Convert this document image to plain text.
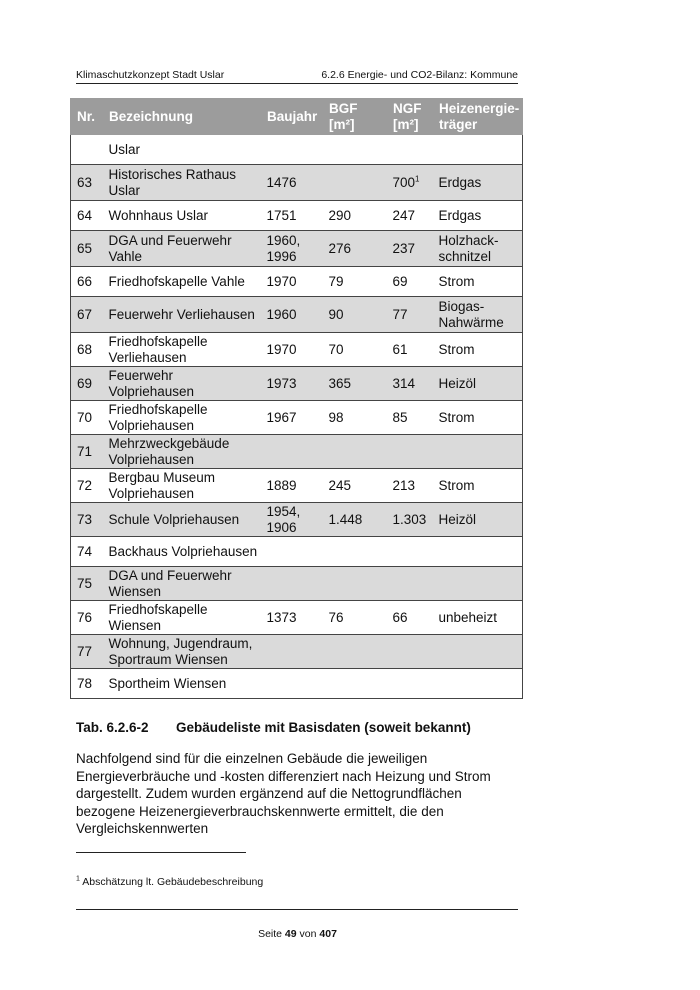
Klimaschutzkonzept Stadt Uslar	6.2.6 Energie- und CO2-Bilanz: Kommune
Nr.	Bezeichnung	Baujahr	BGF [m²]	NGF [m²]	Heizenergie-träger
	Uslar				
63	Historisches Rathaus Uslar	1476		$700^1$	Erdgas
64	Wohnhaus Uslar	1751	290	247	Erdgas
65	DGA und Feuerwehr Vahle	1960, 1996	276	237	Holzhack-schnitzel
66	Friedhofskapelle Vahle	1970	79	69	Strom
67	Feuerwehr Verliehausen	1960	90	77	Biogas-Nahwärme
68	Friedhofskapelle Verliehausen	1970	70	61	Strom
69	Feuerwehr Volpriehausen	1973	365	314	Heizöl
70	Friedhofskapelle Volpriehausen	1967	98	85	Strom
71	Mehrzweckgebäude Volpriehausen				
72	Bergbau Museum Volpriehausen	1889	245	213	Strom
73	Schule Volpriehausen	1954, 1906	1.448	1.303	Heizöl
74	Backhaus Volpriehausen				
75	DGA und Feuerwehr Wiensen				
76	Friedhofskapelle Wiensen	1373	76	66	unbeheizt
77	Wohnung, Jugendraum, Sportraum Wiensen				
78	Sportheim Wiensen				
Tab. 6.2.6-2 Gebäudeliste mit Basisdaten (soweit bekannt)
Nachfolgend sind für die einzelnen Gebäude die jeweiligen Energieverbräuche und -kosten differenziert nach Heizung und Strom dargestellt. Zudem wurden ergänzend auf die Nettogrundflächen bezogene Heizenergieverbrauchskennwerte ermittelt, die den Vergleichskennwerten
$^1$ Abschätzung lt. Gebäudebeschreibung
Seite 49 von 407
